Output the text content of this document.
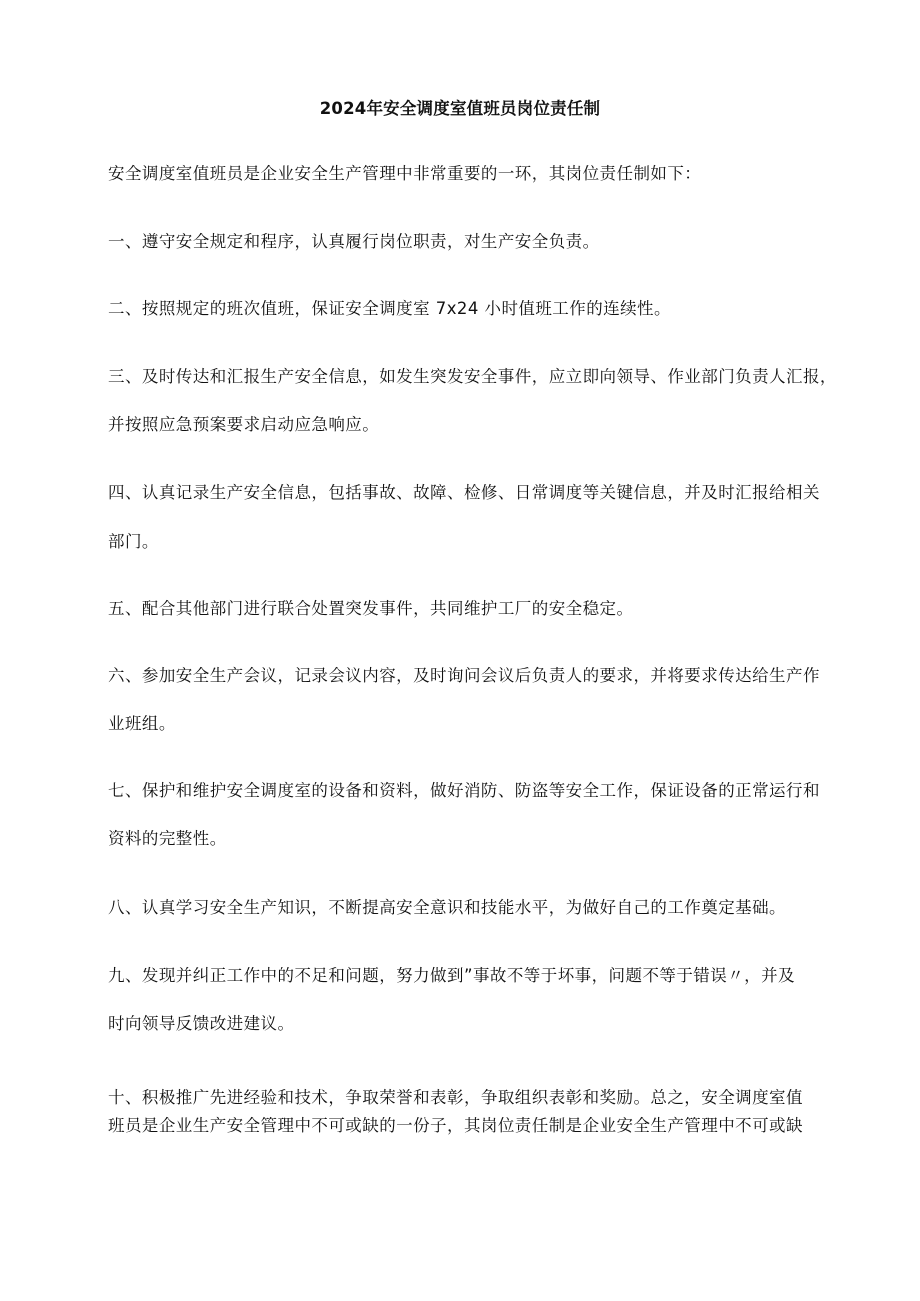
2024年安全调度室值班员岗位责任制
安全调度室值班员是企业安全生产管理中非常重要的一环，其岗位责任制如下：
一、遵守安全规定和程序，认真履行岗位职责，对生产安全负责。
二、按照规定的班次值班，保证安全调度室 7x24 小时值班工作的连续性。
三、及时传达和汇报生产安全信息，如发生突发安全事件，应立即向领导、作业部门负责人汇报，
并按照应急预案要求启动应急响应。
四、认真记录生产安全信息，包括事故、故障、检修、日常调度等关键信息，并及时汇报给相关
部门。
五、配合其他部门进行联合处置突发事件，共同维护工厂的安全稳定。
六、参加安全生产会议，记录会议内容，及时询问会议后负责人的要求，并将要求传达给生产作
业班组。
七、保护和维护安全调度室的设备和资料，做好消防、防盗等安全工作，保证设备的正常运行和
资料的完整性。
八、认真学习安全生产知识，不断提高安全意识和技能水平，为做好自己的工作奠定基础。
九、发现并纠正工作中的不足和问题，努力做到”事故不等于坏事，问题不等于错误〃，并及
时向领导反馈改进建议。
十、积极推广先进经验和技术，争取荣誉和表彰，争取组织表彰和奖励。总之，安全调度室值
班员是企业生产安全管理中不可或缺的一份子，其岗位责任制是企业安全生产管理中不可或缺
